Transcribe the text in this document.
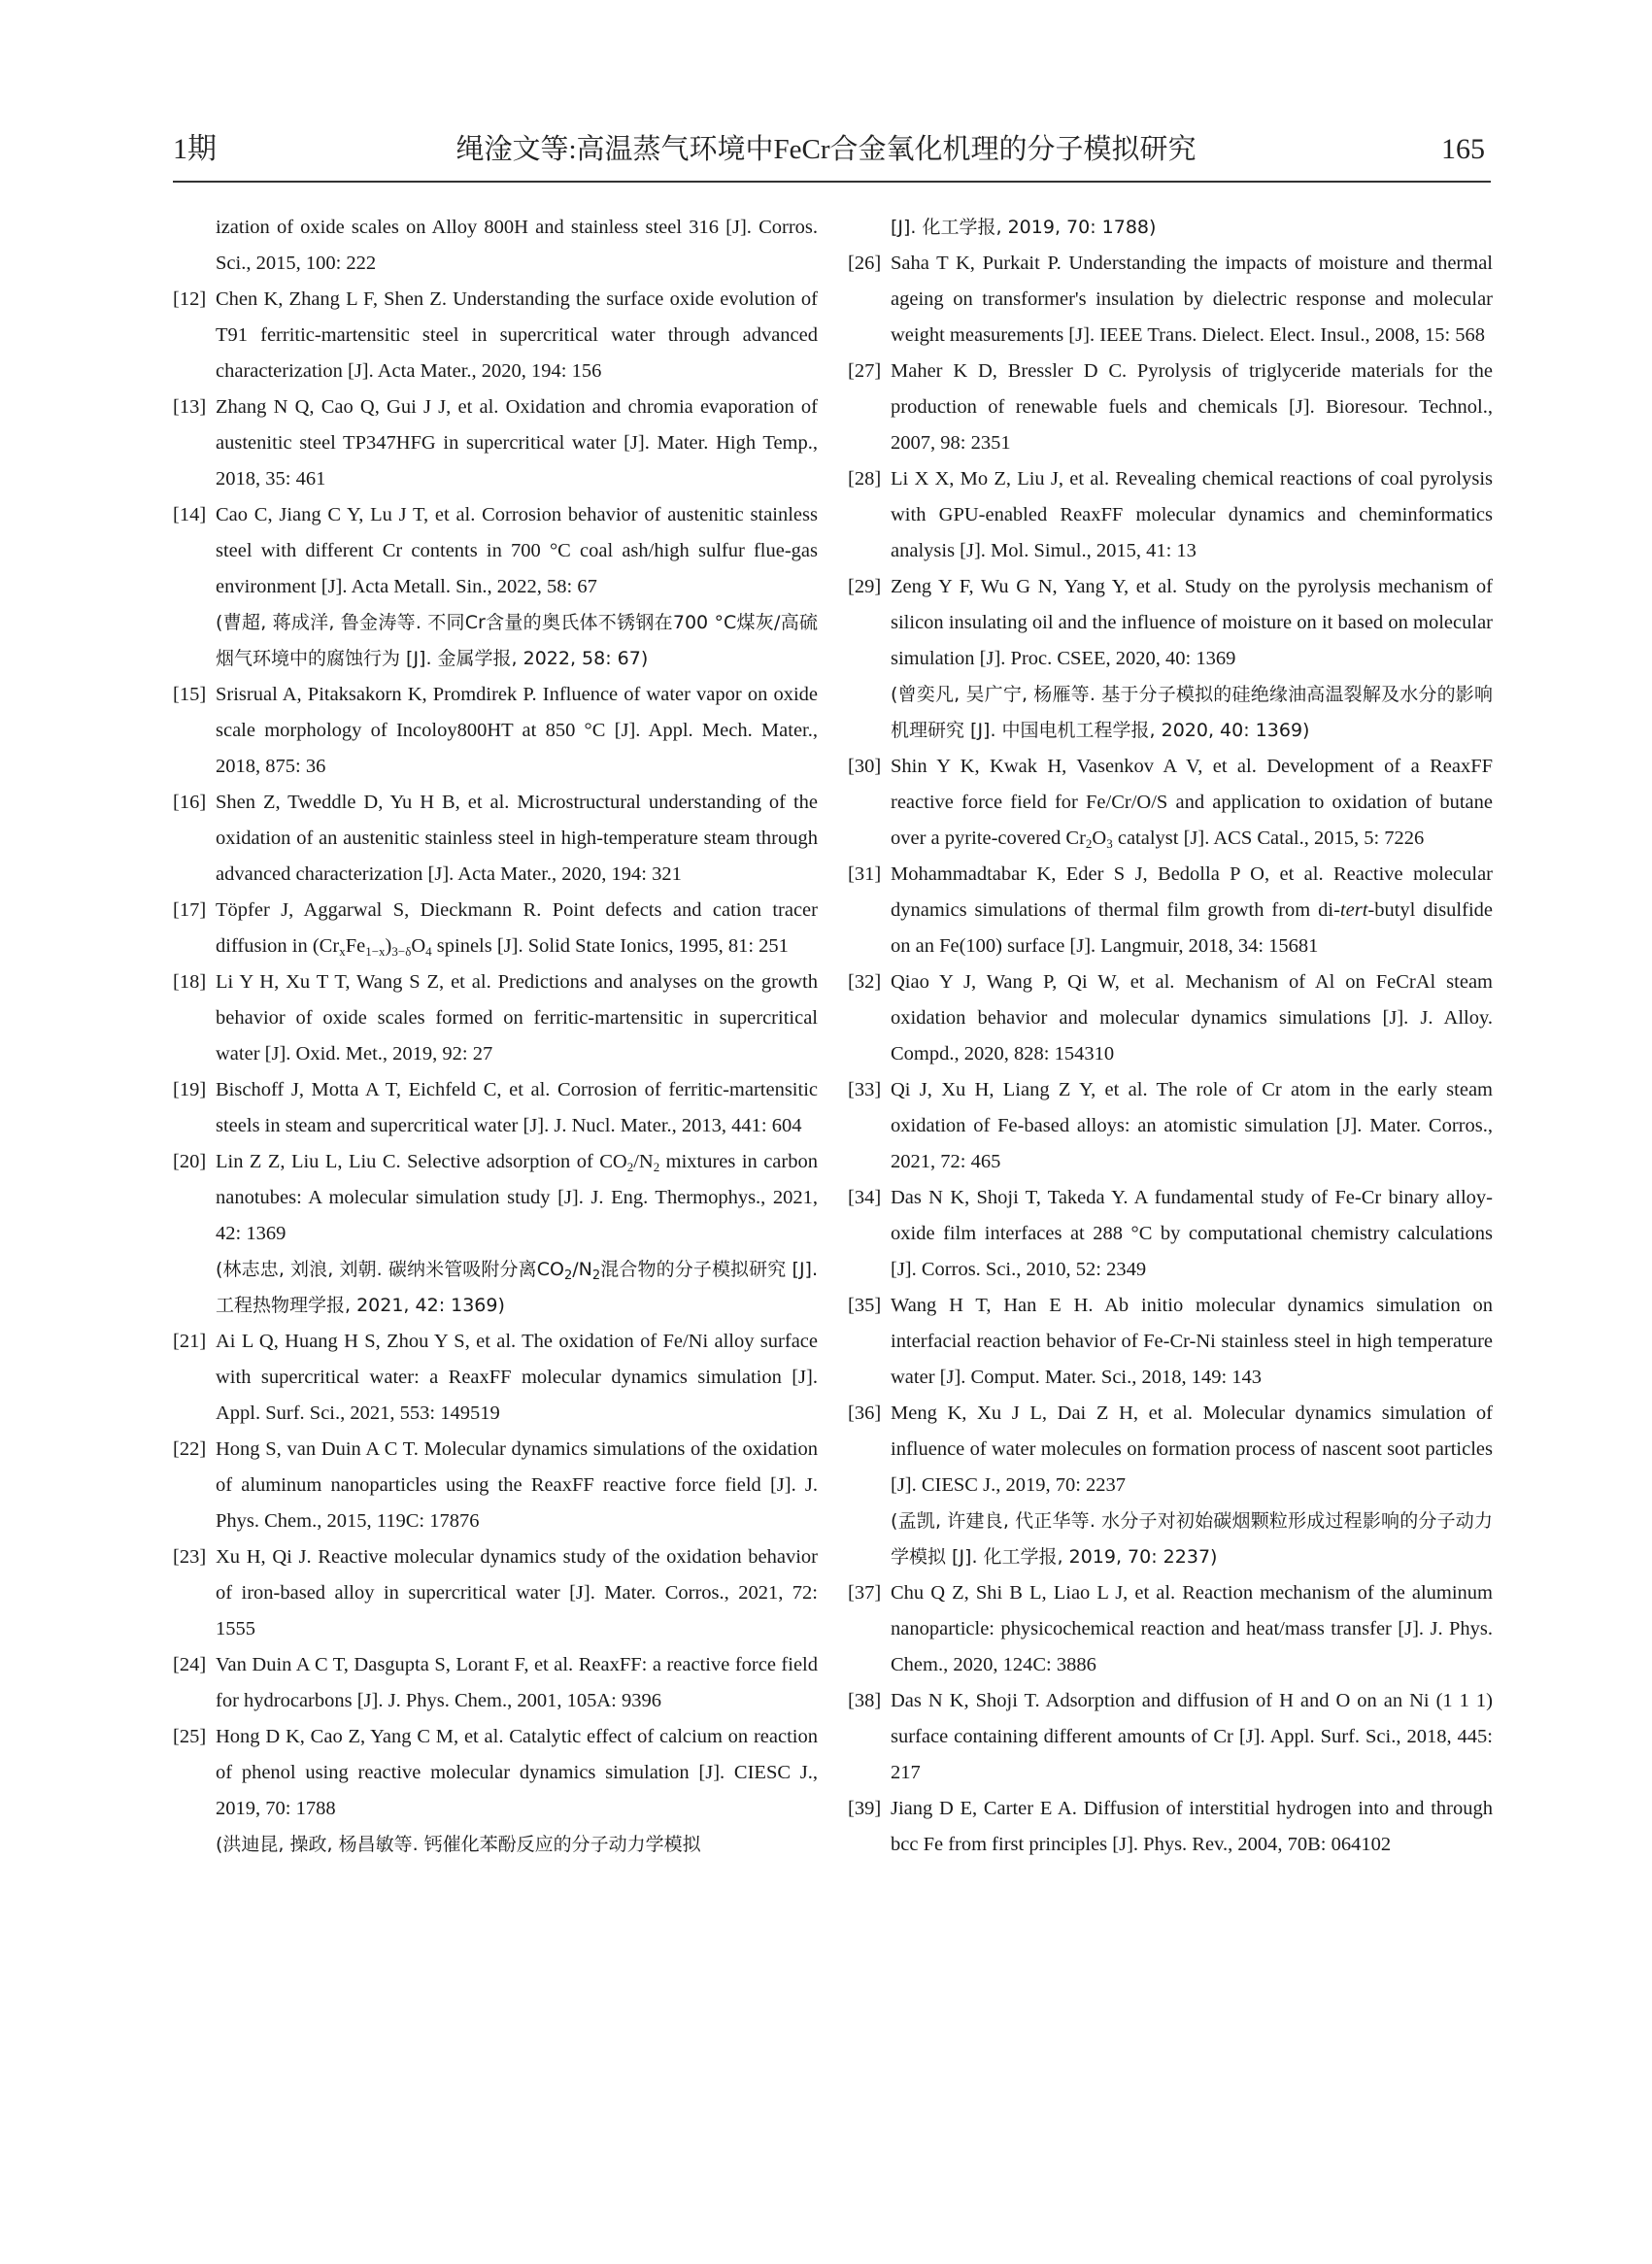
1期	绳淦文等:高温蒸气环境中FeCr合金氧化机理的分子模拟研究	165
ization of oxide scales on Alloy 800H and stainless steel 316 [J]. Corros. Sci., 2015, 100: 222
[12] Chen K, Zhang L F, Shen Z. Understanding the surface oxide evolution of T91 ferritic-martensitic steel in supercritical water through advanced characterization [J]. Acta Mater., 2020, 194: 156
[13] Zhang N Q, Cao Q, Gui J J, et al. Oxidation and chromia evaporation of austenitic steel TP347HFG in supercritical water [J]. Mater. High Temp., 2018, 35: 461
[14] Cao C, Jiang C Y, Lu J T, et al. Corrosion behavior of austenitic stainless steel with different Cr contents in 700 °C coal ash/high sulfur flue-gas environment [J]. Acta Metall. Sin., 2022, 58: 67
(曹超, 蒋成洋, 鲁金涛等. 不同Cr含量的奥氏体不锈钢在700 °C煤灰/高硫烟气环境中的腐蚀行为 [J]. 金属学报, 2022, 58: 67)
[15] Srisrual A, Pitaksakorn K, Promdirek P. Influence of water vapor on oxide scale morphology of Incoloy800HT at 850 °C [J]. Appl. Mech. Mater., 2018, 875: 36
[16] Shen Z, Tweddle D, Yu H B, et al. Microstructural understanding of the oxidation of an austenitic stainless steel in high-temperature steam through advanced characterization [J]. Acta Mater., 2020, 194: 321
[17] Töpfer J, Aggarwal S, Dieckmann R. Point defects and cation tracer diffusion in $(Cr_xFe_{1-x})_{3-\delta}O_4$ spinels [J]. Solid State Ionics, 1995, 81: 251
[18] Li Y H, Xu T T, Wang S Z, et al. Predictions and analyses on the growth behavior of oxide scales formed on ferritic-martensitic in supercritical water [J]. Oxid. Met., 2019, 92: 27
[19] Bischoff J, Motta A T, Eichfeld C, et al. Corrosion of ferritic-martensitic steels in steam and supercritical water [J]. J. Nucl. Mater., 2013, 441: 604
[20] Lin Z Z, Liu L, Liu C. Selective adsorption of $CO_2/N_2$ mixtures in carbon nanotubes: A molecular simulation study [J]. J. Eng. Thermophys., 2021, 42: 1369
(林志忠, 刘浪, 刘朝. 碳纳米管吸附分离$CO_2/N_2$混合物的分子模拟研究 [J]. 工程热物理学报, 2021, 42: 1369)
[21] Ai L Q, Huang H S, Zhou Y S, et al. The oxidation of Fe/Ni alloy surface with supercritical water: a ReaxFF molecular dynamics simulation [J]. Appl. Surf. Sci., 2021, 553: 149519
[22] Hong S, van Duin A C T. Molecular dynamics simulations of the oxidation of aluminum nanoparticles using the ReaxFF reactive force field [J]. J. Phys. Chem., 2015, 119C: 17876
[23] Xu H, Qi J. Reactive molecular dynamics study of the oxidation behavior of iron-based alloy in supercritical water [J]. Mater. Corros., 2021, 72: 1555
[24] Van Duin A C T, Dasgupta S, Lorant F, et al. ReaxFF: a reactive force field for hydrocarbons [J]. J. Phys. Chem., 2001, 105A: 9396
[25] Hong D K, Cao Z, Yang C M, et al. Catalytic effect of calcium on reaction of phenol using reactive molecular dynamics simulation [J]. CIESC J., 2019, 70: 1788
(洪迪昆, 操政, 杨昌敏等. 钙催化苯酚反应的分子动力学模拟
[J]. 化工学报, 2019, 70: 1788)
[26] Saha T K, Purkait P. Understanding the impacts of moisture and thermal ageing on transformer's insulation by dielectric response and molecular weight measurements [J]. IEEE Trans. Dielect. Elect. Insul., 2008, 15: 568
[27] Maher K D, Bressler D C. Pyrolysis of triglyceride materials for the production of renewable fuels and chemicals [J]. Bioresour. Technol., 2007, 98: 2351
[28] Li X X, Mo Z, Liu J, et al. Revealing chemical reactions of coal pyrolysis with GPU-enabled ReaxFF molecular dynamics and cheminformatics analysis [J]. Mol. Simul., 2015, 41: 13
[29] Zeng Y F, Wu G N, Yang Y, et al. Study on the pyrolysis mechanism of silicon insulating oil and the influence of moisture on it based on molecular simulation [J]. Proc. CSEE, 2020, 40: 1369
(曾奕凡, 吴广宁, 杨雁等. 基于分子模拟的硅绝缘油高温裂解及水分的影响机理研究 [J]. 中国电机工程学报, 2020, 40: 1369)
[30] Shin Y K, Kwak H, Vasenkov A V, et al. Development of a ReaxFF reactive force field for Fe/Cr/O/S and application to oxidation of butane over a pyrite-covered $Cr_2O_3$ catalyst [J]. ACS Catal., 2015, 5: 7226
[31] Mohammadtabar K, Eder S J, Bedolla P O, et al. Reactive molecular dynamics simulations of thermal film growth from di-tert-butyl disulfide on an Fe(100) surface [J]. Langmuir, 2018, 34: 15681
[32] Qiao Y J, Wang P, Qi W, et al. Mechanism of Al on FeCrAl steam oxidation behavior and molecular dynamics simulations [J]. J. Alloy. Compd., 2020, 828: 154310
[33] Qi J, Xu H, Liang Z Y, et al. The role of Cr atom in the early steam oxidation of Fe-based alloys: an atomistic simulation [J]. Mater. Corros., 2021, 72: 465
[34] Das N K, Shoji T, Takeda Y. A fundamental study of Fe-Cr binary alloy-oxide film interfaces at 288 °C by computational chemistry calculations [J]. Corros. Sci., 2010, 52: 2349
[35] Wang H T, Han E H. Ab initio molecular dynamics simulation on interfacial reaction behavior of Fe-Cr-Ni stainless steel in high temperature water [J]. Comput. Mater. Sci., 2018, 149: 143
[36] Meng K, Xu J L, Dai Z H, et al. Molecular dynamics simulation of influence of water molecules on formation process of nascent soot particles [J]. CIESC J., 2019, 70: 2237
(孟凯, 许建良, 代正华等. 水分子对初始碳烟颗粒形成过程影响的分子动力学模拟 [J]. 化工学报, 2019, 70: 2237)
[37] Chu Q Z, Shi B L, Liao L J, et al. Reaction mechanism of the aluminum nanoparticle: physicochemical reaction and heat/mass transfer [J]. J. Phys. Chem., 2020, 124C: 3886
[38] Das N K, Shoji T. Adsorption and diffusion of H and O on an Ni (1 1 1) surface containing different amounts of Cr [J]. Appl. Surf. Sci., 2018, 445: 217
[39] Jiang D E, Carter E A. Diffusion of interstitial hydrogen into and through bcc Fe from first principles [J]. Phys. Rev., 2004, 70B: 064102
